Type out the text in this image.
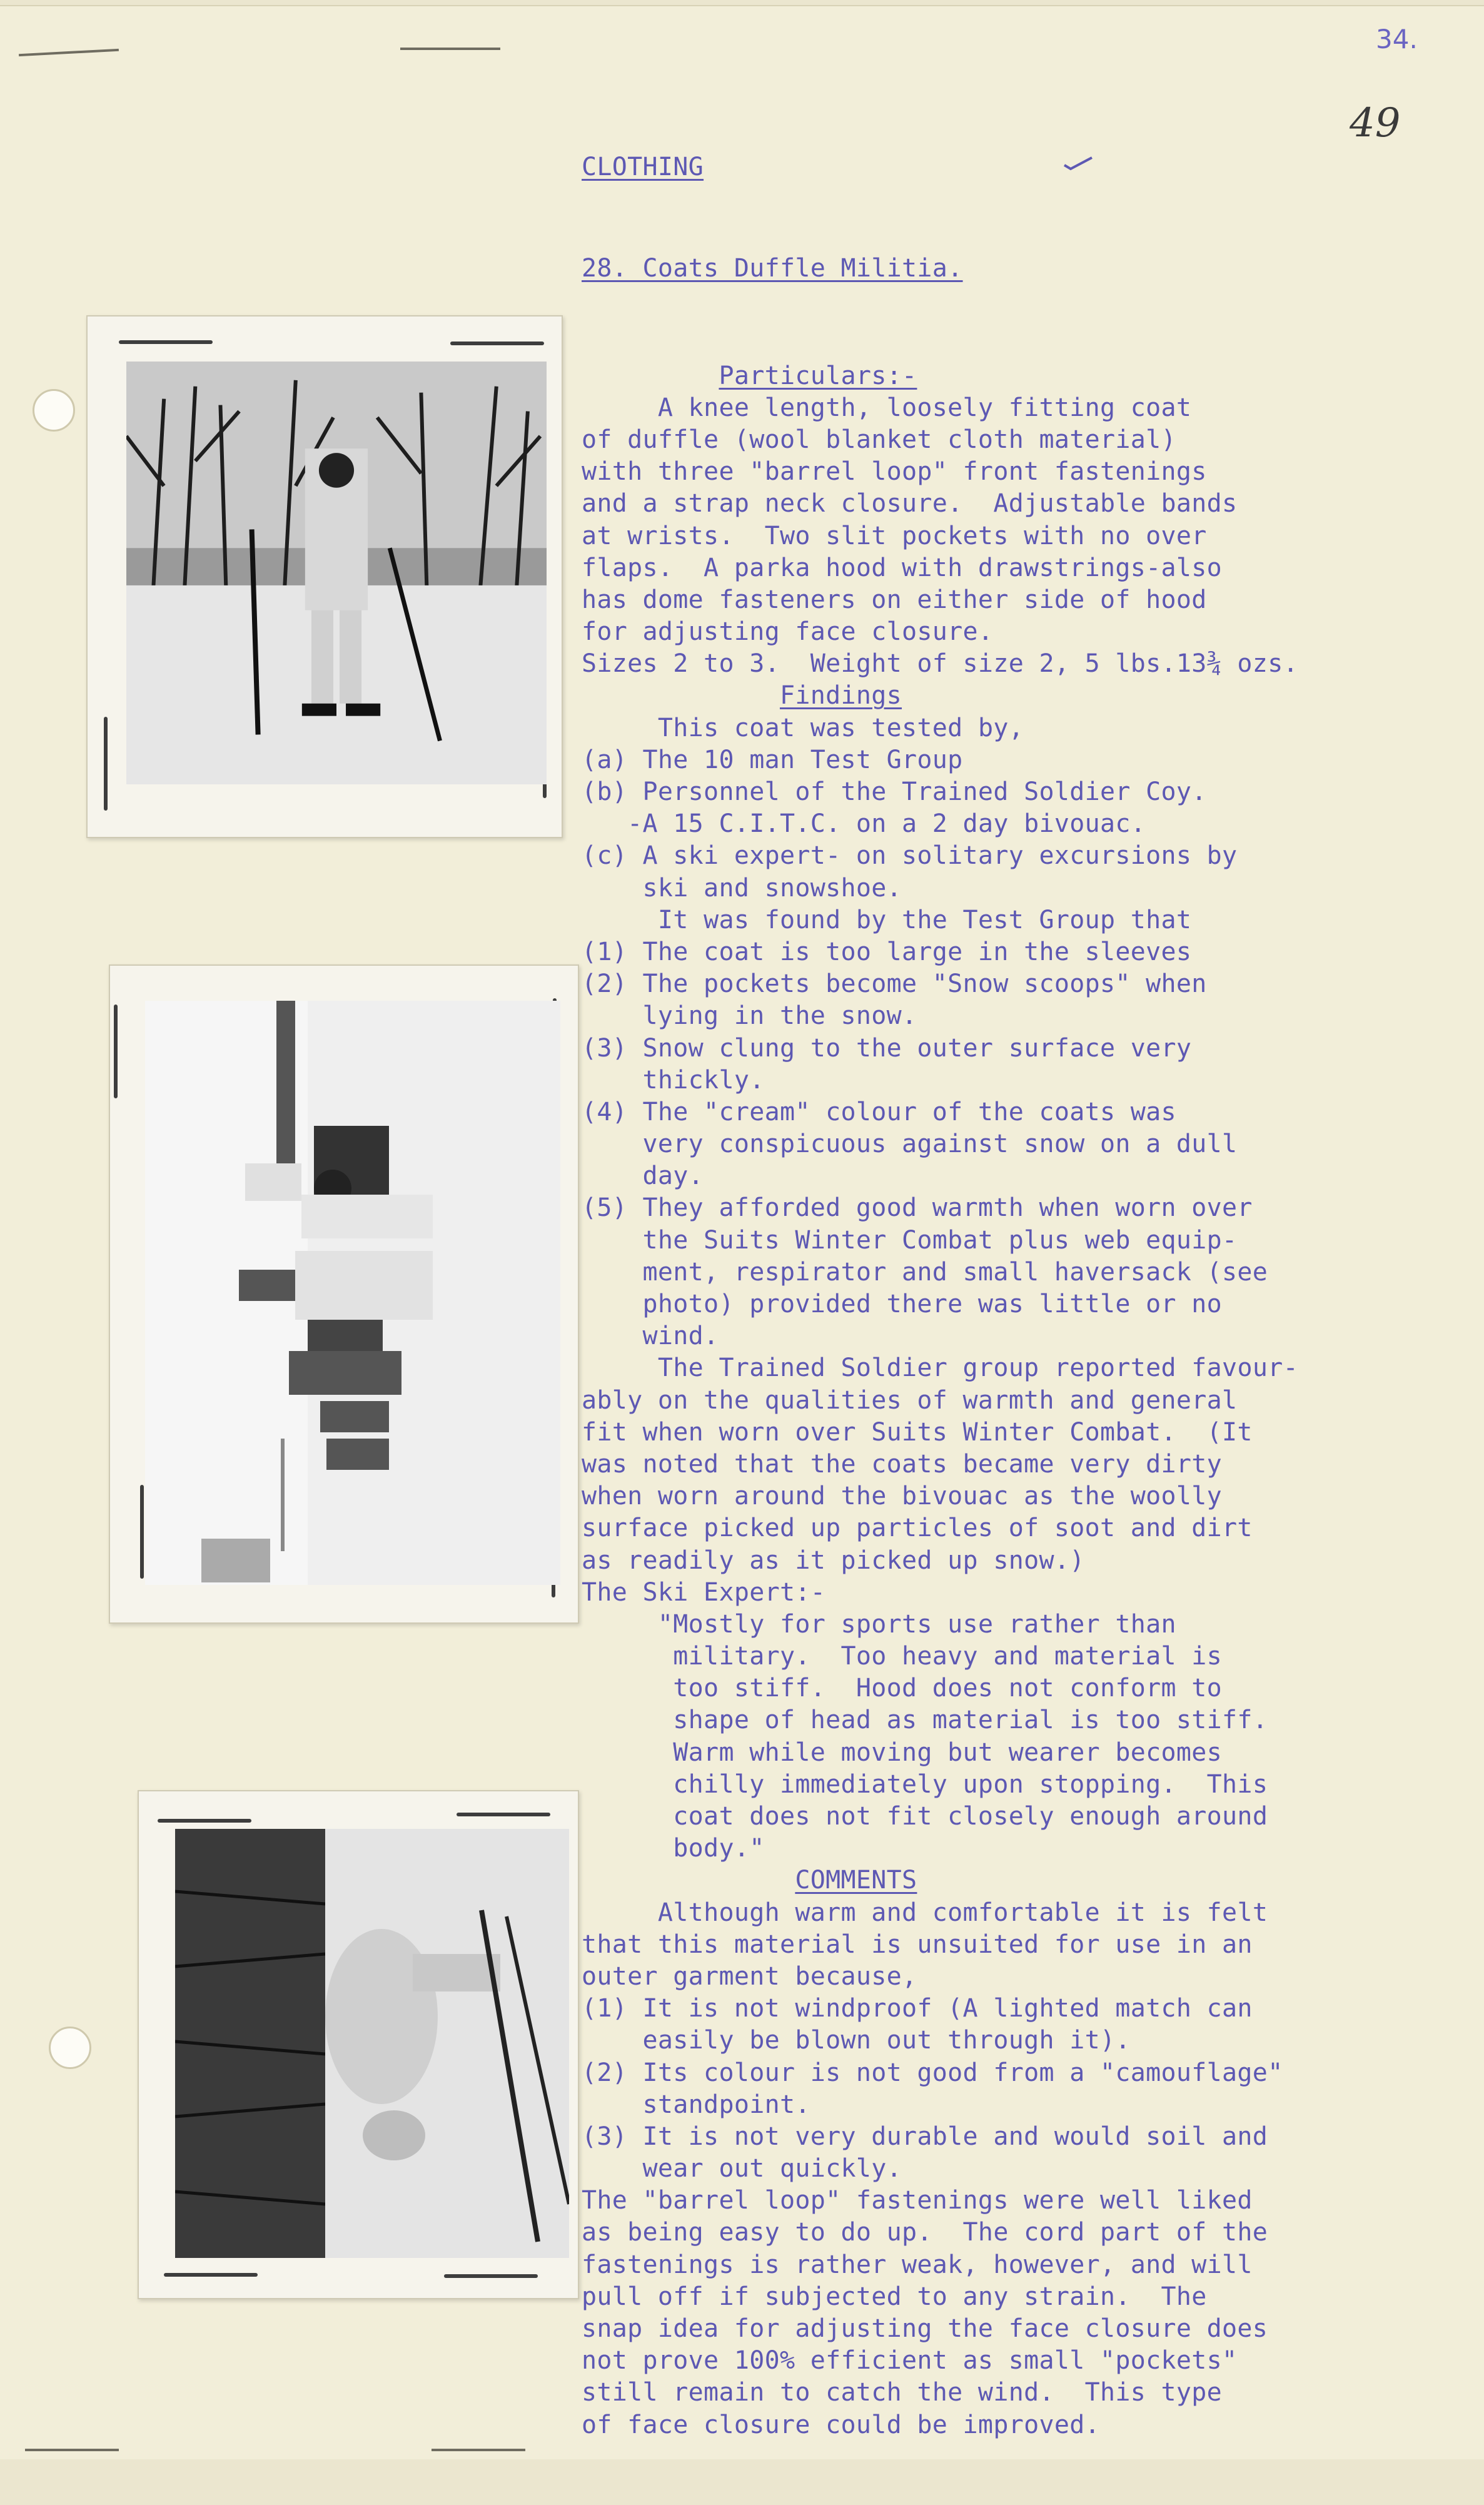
34.
49

CLOTHING

28. Coats Duffle Militia.

Particulars:-
A knee length, loosely fitting coat
of duffle (wool blanket cloth material)
with three "barrel loop" front fastenings
and a strap neck closure.  Adjustable bands
at wrists.  Two slit pockets with no over
flaps.  A parka hood with drawstrings-also
has dome fasteners on either side of hood
for adjusting face closure.
Sizes 2 to 3.  Weight of size 2, 5 lbs.13¾ ozs.
Findings
This coat was tested by,
(a) The 10 man Test Group
(b) Personnel of the Trained Soldier Coy.
-A 15 C.I.T.C. on a 2 day bivouac.
(c) A ski expert- on solitary excursions by
ski and snowshoe.
It was found by the Test Group that
(1) The coat is too large in the sleeves
(2) The pockets become "Snow scoops" when
lying in the snow.
(3) Snow clung to the outer surface very
thickly.
(4) The "cream" colour of the coats was
very conspicuous against snow on a dull
day.
(5) They afforded good warmth when worn over
the Suits Winter Combat plus web equip-
ment, respirator and small haversack (see
photo) provided there was little or no
wind.
The Trained Soldier group reported favour-
ably on the qualities of warmth and general
fit when worn over Suits Winter Combat.  (It
was noted that the coats became very dirty
when worn around the bivouac as the woolly
surface picked up particles of soot and dirt
as readily as it picked up snow.)
The Ski Expert:-
"Mostly for sports use rather than
military.  Too heavy and material is
too stiff.  Hood does not conform to
shape of head as material is too stiff.
Warm while moving but wearer becomes
chilly immediately upon stopping.  This
coat does not fit closely enough around
body."
COMMENTS
Although warm and comfortable it is felt
that this material is unsuited for use in an
outer garment because,
(1) It is not windproof (A lighted match can
easily be blown out through it).
(2) Its colour is not good from a "camouflage"
standpoint.
(3) It is not very durable and would soil and
wear out quickly.
The "barrel loop" fastenings were well liked
as being easy to do up.  The cord part of the
fastenings is rather weak, however, and will
pull off if subjected to any strain.  The
snap idea for adjusting the face closure does
not prove 100% efficient as small "pockets"
still remain to catch the wind.  This type
of face closure could be improved.
